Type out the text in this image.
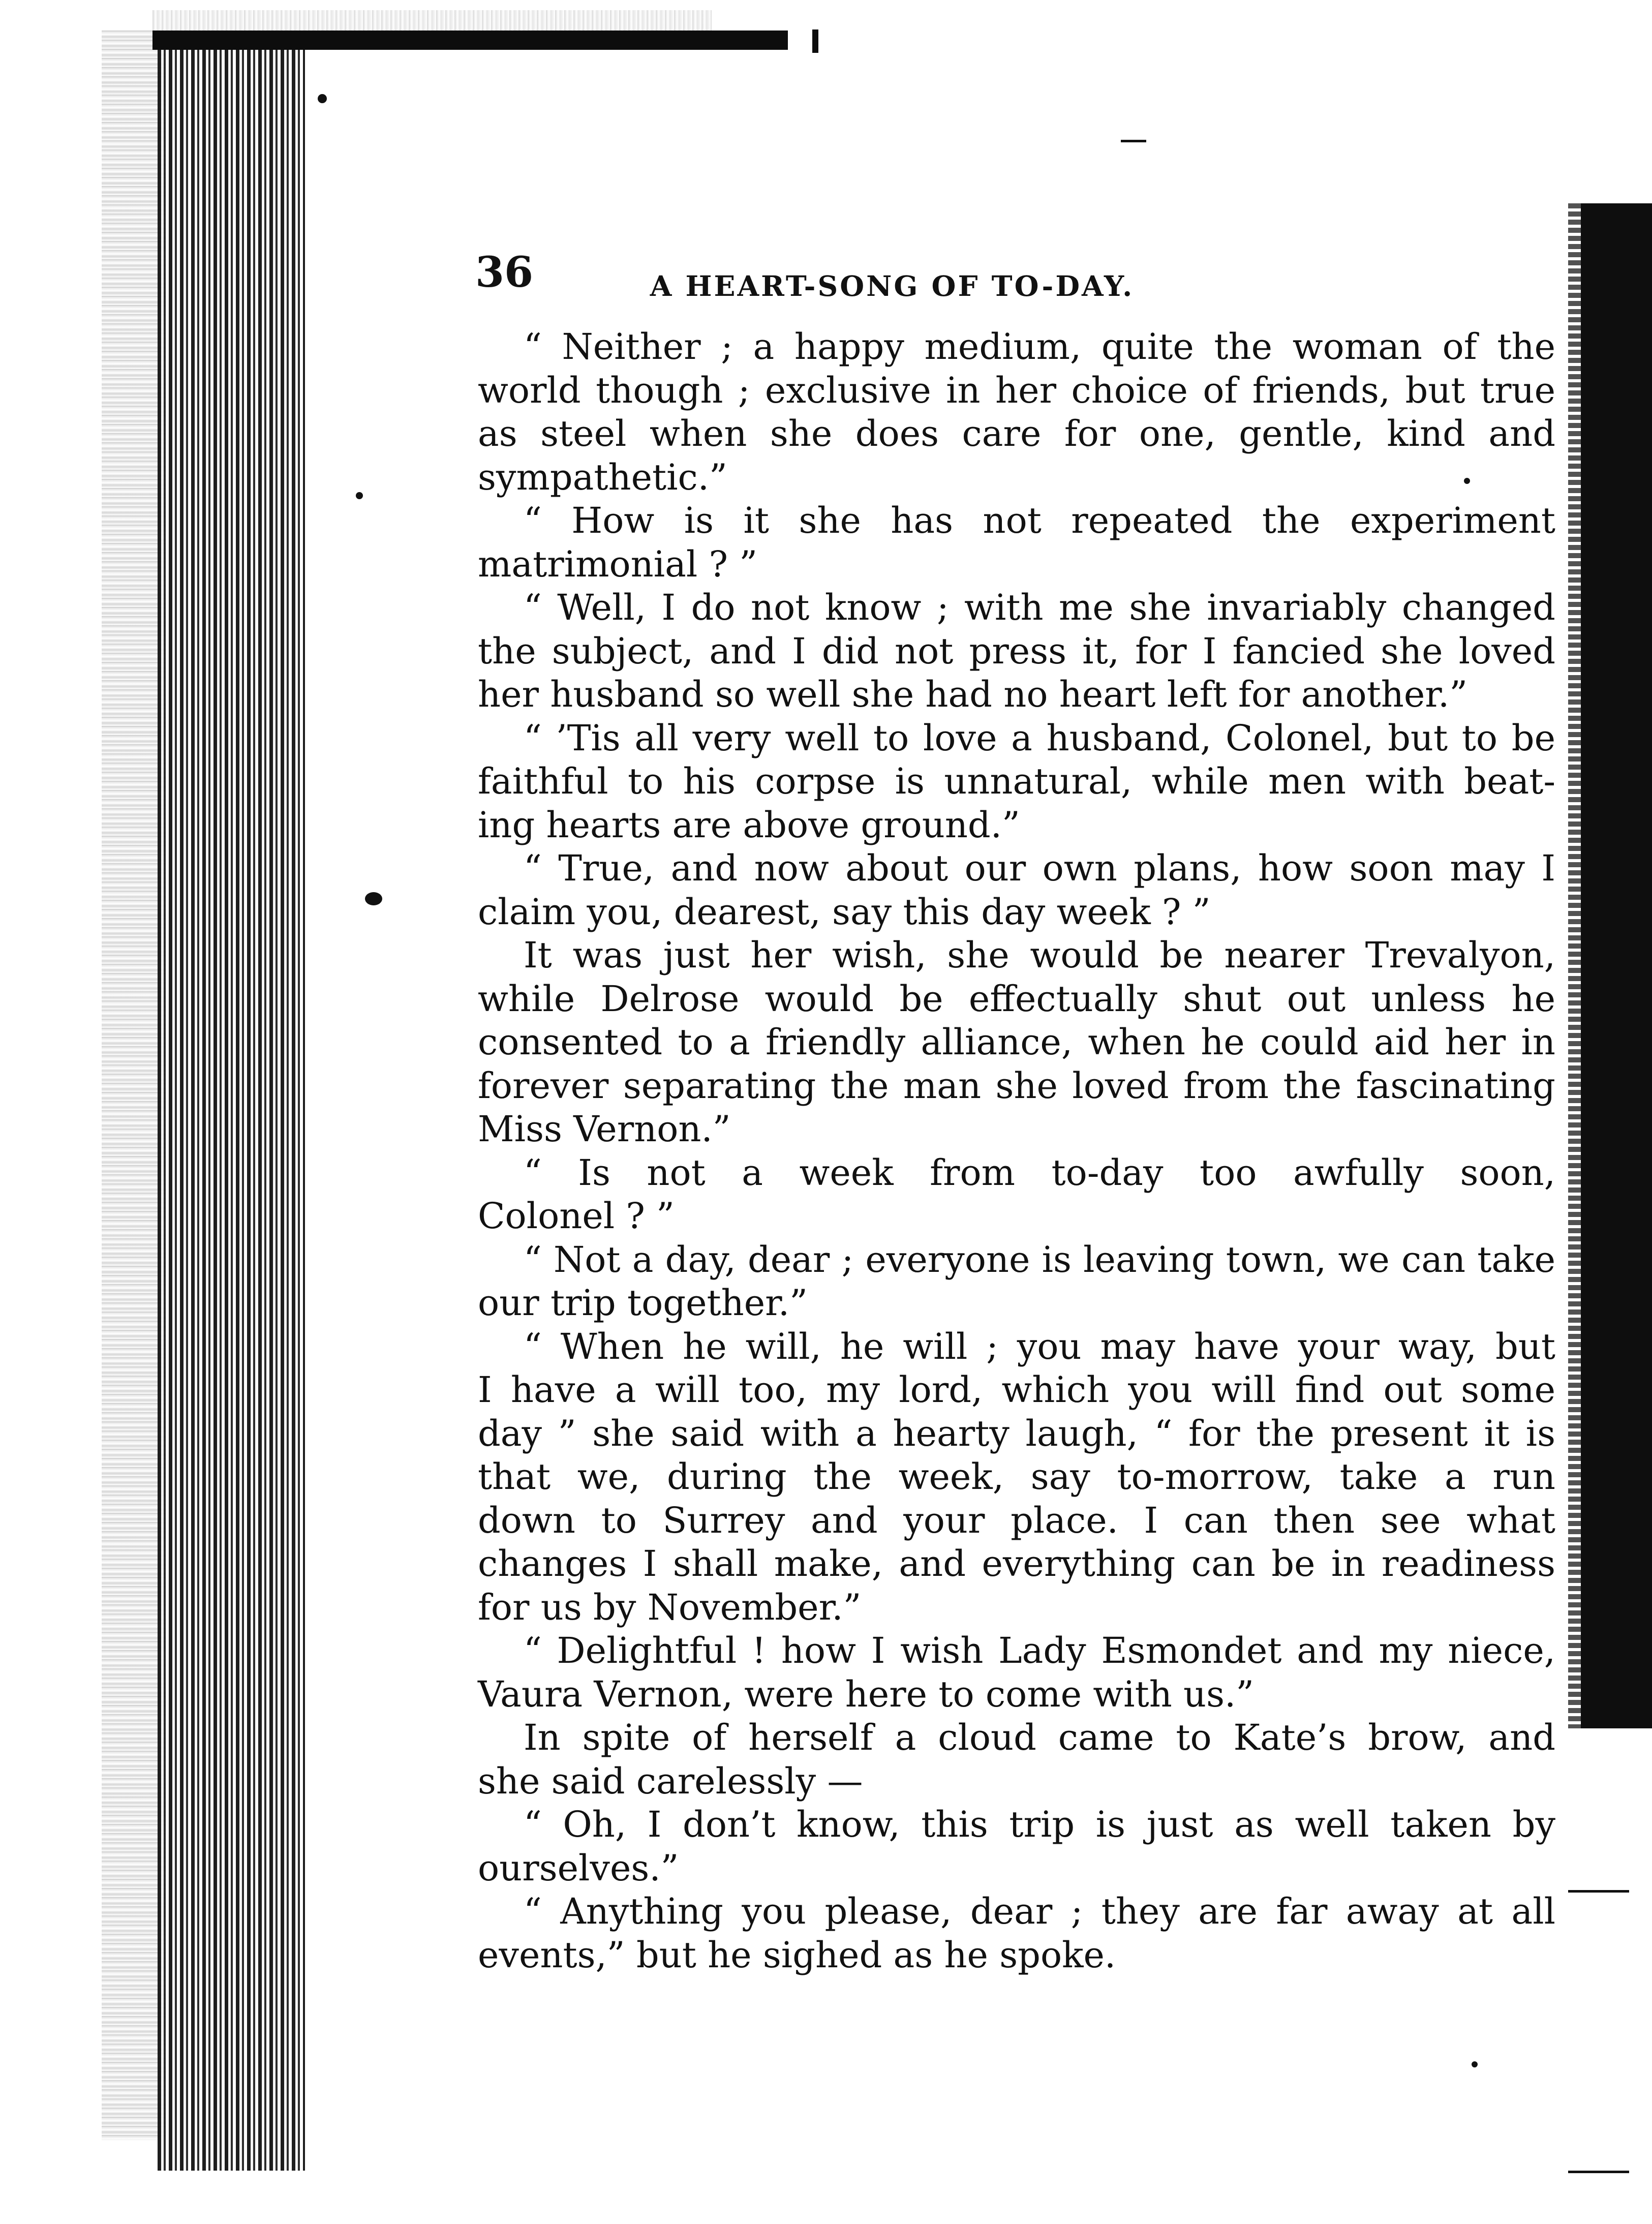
36	A HEART-SONG OF TO-DAY.
“ Neither ; a happy medium, quite the woman of the
world though ; exclusive in her choice of friends, but true
as steel when she does care for one, gentle, kind and
sympathetic.”
“ How is it she has not repeated the experiment
matrimonial ? ”
“ Well, I do not know ; with me she invariably changed
the subject, and I did not press it, for I fancied she loved
her husband so well she had no heart left for another.”
“ ’Tis all very well to love a husband, Colonel, but to be
faithful to his corpse is unnatural, while men with beat-
ing hearts are above ground.”
“ True, and now about our own plans, how soon may I
claim you, dearest, say this day week ? ”
It was just her wish, she would be nearer Trevalyon,
while Delrose would be effectually shut out unless he
consented to a friendly alliance, when he could aid her in
forever separating the man she loved from the fascinating
Miss Vernon.”
“ Is not a week from to-day too awfully soon,
Colonel ? ”
“ Not a day, dear ; everyone is leaving town, we can take
our trip together.”
“ When he will, he will ; you may have your way, but
I have a will too, my lord, which you will find out some
day ” she said with a hearty laugh, “ for the present it is
that we, during the week, say to-morrow, take a run
down to Surrey and your place. I can then see what
changes I shall make, and everything can be in readiness
for us by November.”
“ Delightful ! how I wish Lady Esmondet and my niece,
Vaura Vernon, were here to come with us.”
In spite of herself a cloud came to Kate’s brow, and
she said carelessly —
“ Oh, I don’t know, this trip is just as well taken by
ourselves.”
“ Anything you please, dear ; they are far away at all
events,” but he sighed as he spoke.
